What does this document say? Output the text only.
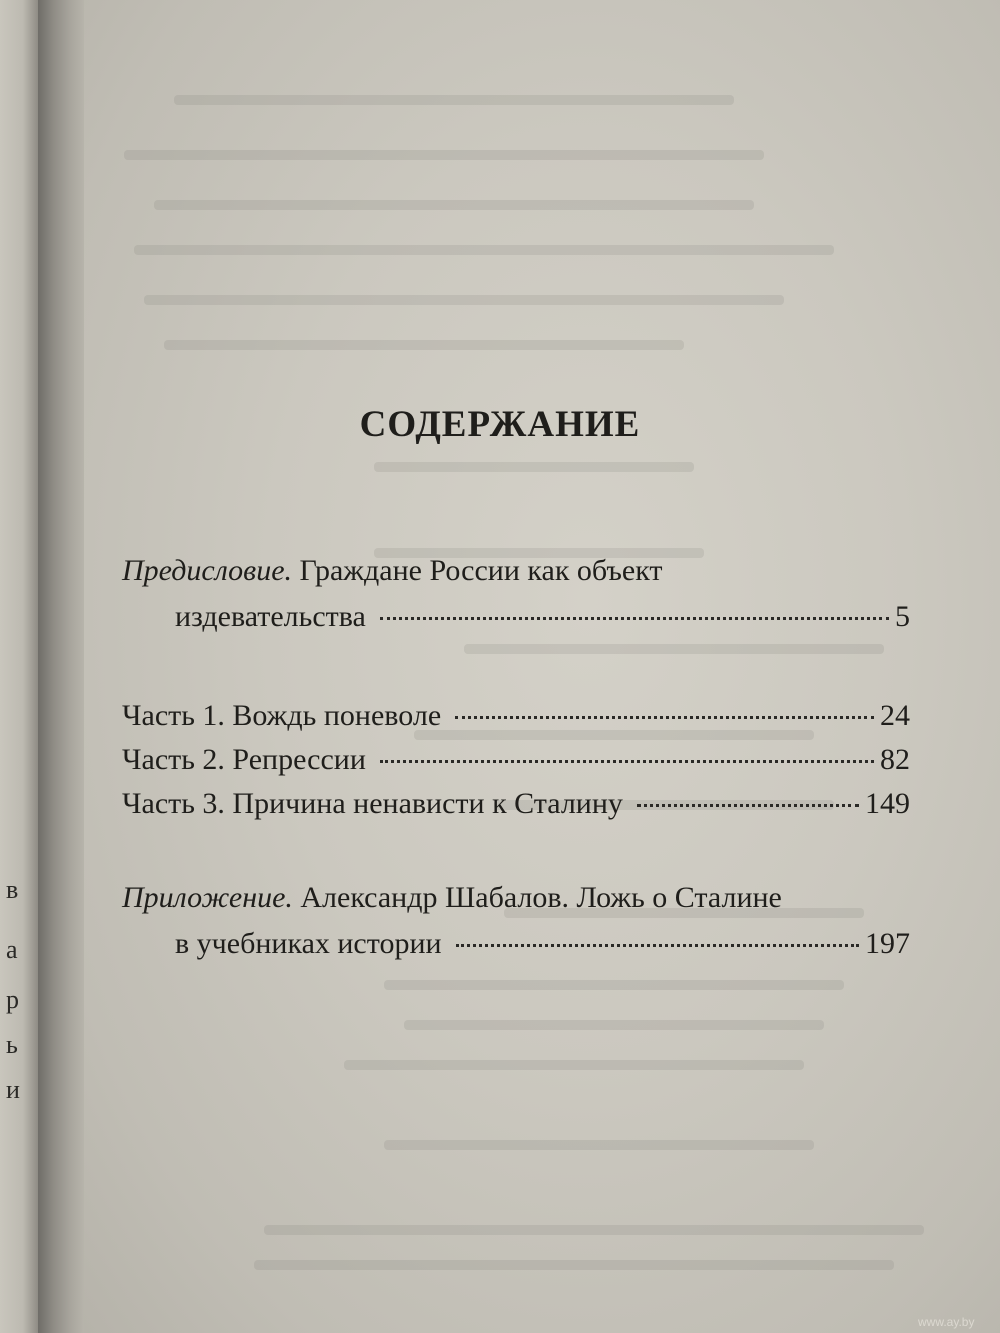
в
а
р
ь
и
СОДЕРЖАНИЕ
Предисловие. Граждане России как объект
издевательства	5
Часть 1. Вождь поневоле	24
Часть 2. Репрессии	82
Часть 3. Причина ненависти к Сталину	149
Приложение. Александр Шабалов. Ложь о Сталине
в учебниках истории	197
www.ay.by
